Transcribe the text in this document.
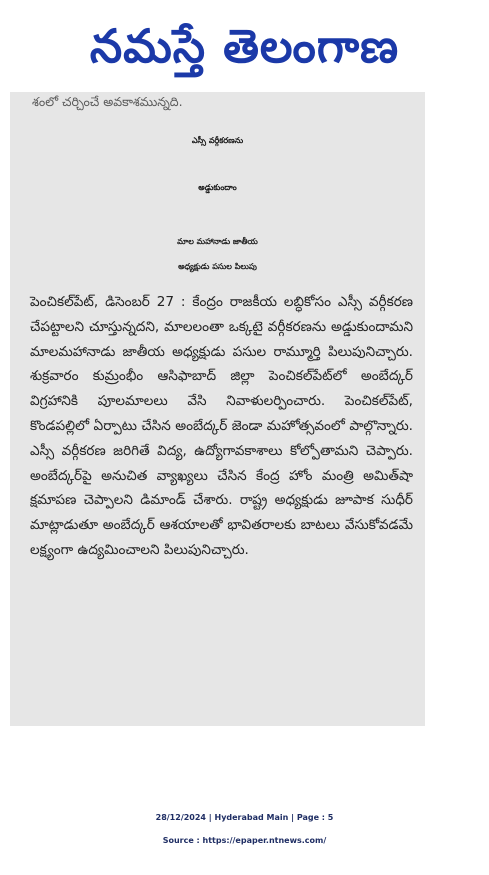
నమస్తే తెలంగాణ
శంలో చర్చించే అవకాశమున్నది.
ఎస్సీ వర్గీకరణను
అడ్డుకుందాం
మాల మహానాడు జాతీయ
అధ్యక్షుడు పసుల పిలుపు
పెంచికల్‌పేట్‌, డిసెంబర్‌ 27 : కేంద్రం రాజకీయ లబ్ధికోసం ఎస్సీ వర్గీకరణ చేపట్టాలని చూస్తున్నదని, మాలలంతా ఒక్కటై వర్గీకరణను అడ్డుకుందామని మాలమహానాడు జాతీయ అధ్యక్షుడు పసుల రామ్మూర్తి పిలుపునిచ్చారు. శుక్రవారం కుమ్రంభీం ఆసిఫాబాద్‌ జిల్లా పెంచికల్‌పేట్‌లో అంబేద్కర్‌ విగ్రహానికి పూలమాలలు వేసి నివాళులర్పించారు. పెంచికల్‌పేట్‌, కొండపల్లిలో ఏర్పాటు చేసిన అంబేద్కర్‌ జెండా మహోత్సవంలో పాల్గొన్నారు. ఎస్సీ వర్గీకరణ జరిగితే విద్య, ఉద్యోగావకాశాలు కోల్పోతామని చెప్పారు. అంబేద్కర్‌పై అనుచిత వ్యాఖ్యలు చేసిన కేంద్ర హోం మంత్రి అమిత్‌షా క్షమాపణ చెప్పాలని డిమాండ్‌ చేశారు. రాష్ట్ర అధ్యక్షుడు జూపాక సుధీర్‌ మాట్లాడుతూ అంబేద్కర్‌ ఆశయాలతో భావితరాలకు బాటలు వేసుకోవడమే లక్ష్యంగా ఉద్యమించాలని పిలుపునిచ్చారు.
28/12/2024 | Hyderabad Main | Page : 5
Source : https://epaper.ntnews.com/
